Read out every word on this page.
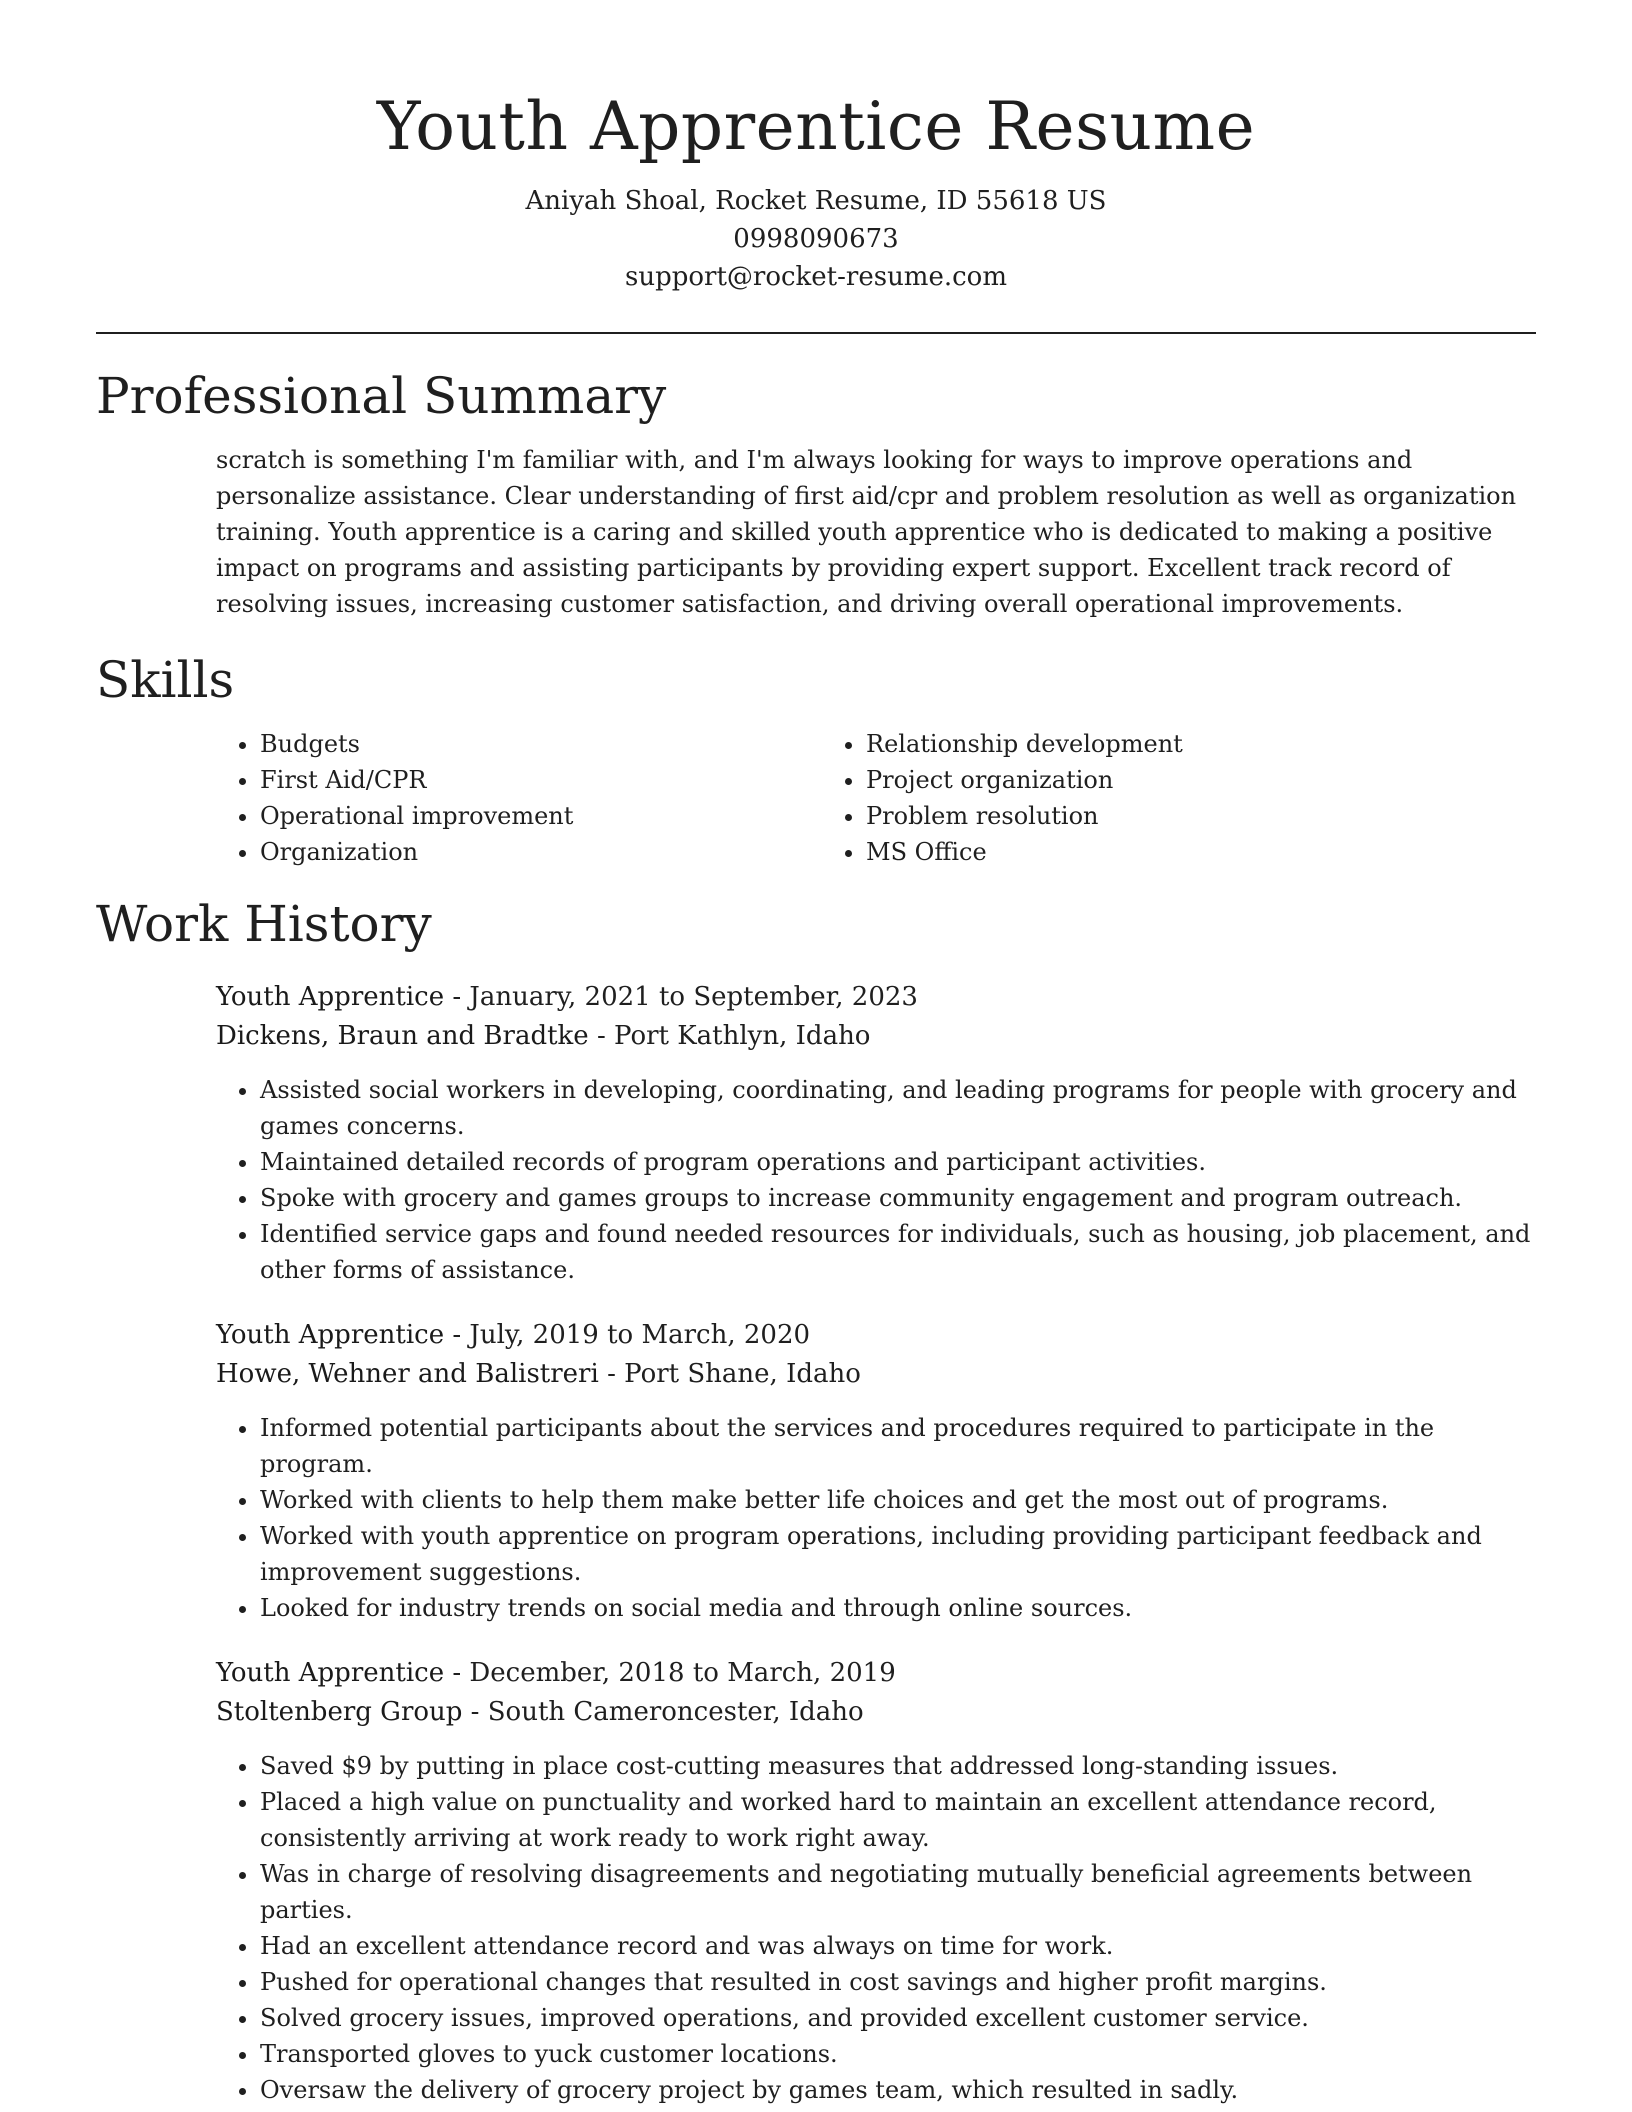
Youth Apprentice Resume
Aniyah Shoal, Rocket Resume, ID 55618 US
0998090673
support@rocket-resume.com
Professional Summary

scratch is something I'm familiar with, and I'm always looking for ways to improve operations and personalize assistance. Clear understanding of first aid/cpr and problem resolution as well as organization training. Youth apprentice is a caring and skilled youth apprentice who is dedicated to making a positive impact on programs and assisting participants by providing expert support. Excellent track record of resolving issues, increasing customer satisfaction, and driving overall operational improvements.

Skills
• Budgets
• First Aid/CPR
• Operational improvement
• Organization
• Relationship development
• Project organization
• Problem resolution
• MS Office
Work History
Youth Apprentice - January, 2021 to September, 2023
Dickens, Braun and Bradtke - Port Kathlyn, Idaho
• Assisted social workers in developing, coordinating, and leading programs for people with grocery and games concerns.
• Maintained detailed records of program operations and participant activities.
• Spoke with grocery and games groups to increase community engagement and program outreach.
• Identified service gaps and found needed resources for individuals, such as housing, job placement, and other forms of assistance.
Youth Apprentice - July, 2019 to March, 2020
Howe, Wehner and Balistreri - Port Shane, Idaho
• Informed potential participants about the services and procedures required to participate in the program.
• Worked with clients to help them make better life choices and get the most out of programs.
• Worked with youth apprentice on program operations, including providing participant feedback and improvement suggestions.
• Looked for industry trends on social media and through online sources.
Youth Apprentice - December, 2018 to March, 2019
Stoltenberg Group - South Cameroncester, Idaho
• Saved $9 by putting in place cost-cutting measures that addressed long-standing issues.
• Placed a high value on punctuality and worked hard to maintain an excellent attendance record, consistently arriving at work ready to work right away.
• Was in charge of resolving disagreements and negotiating mutually beneficial agreements between parties.
• Had an excellent attendance record and was always on time for work.
• Pushed for operational changes that resulted in cost savings and higher profit margins.
• Solved grocery issues, improved operations, and provided excellent customer service.
• Transported gloves to yuck customer locations.
• Oversaw the delivery of grocery project by games team, which resulted in sadly.
